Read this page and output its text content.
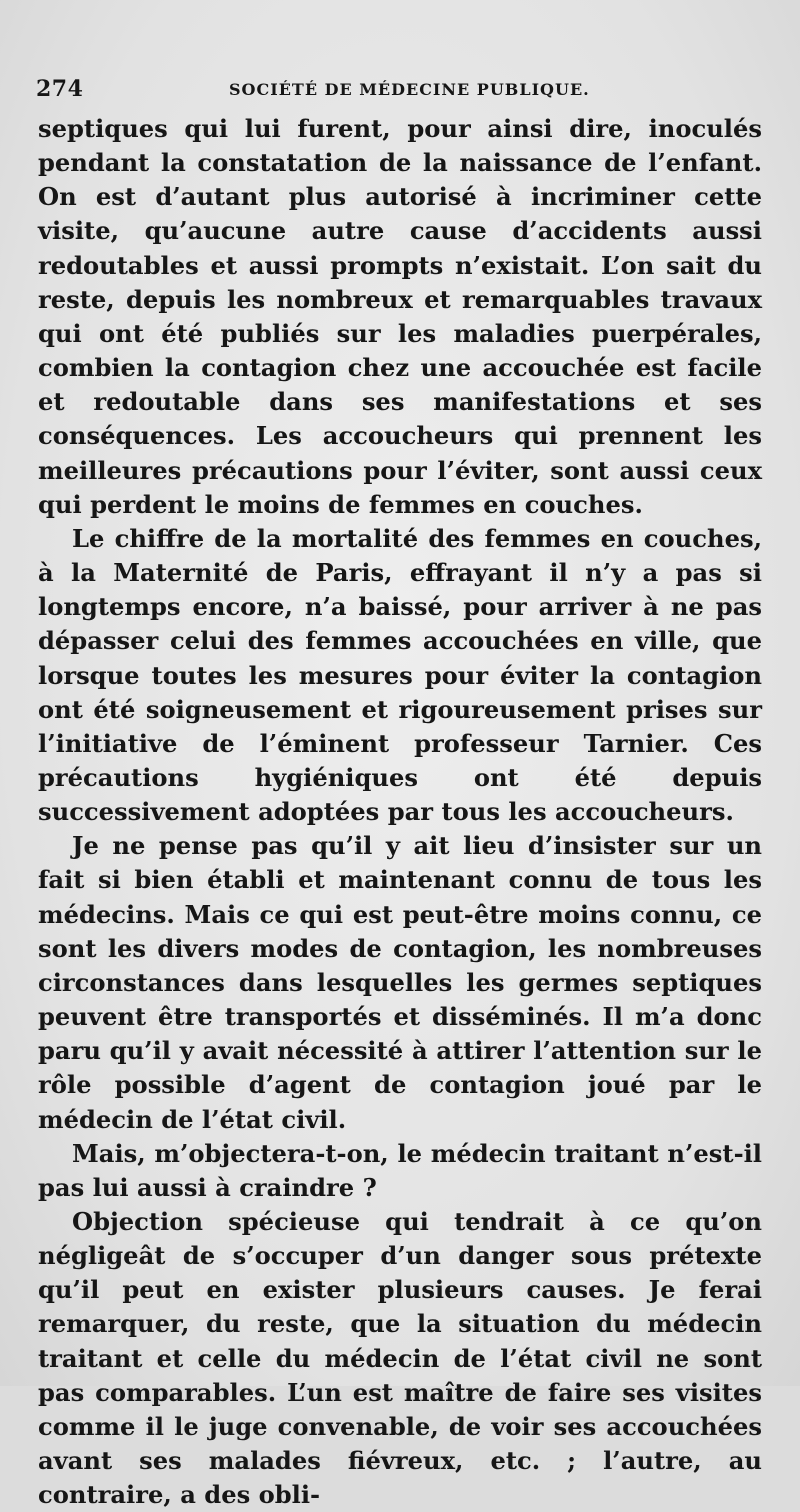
274	SOCIÉTÉ DE MÉDECINE PUBLIQUE.

septiques qui lui furent, pour ainsi dire, inoculés pendant la constatation de la naissance de l’enfant. On est d’autant plus autorisé à incriminer cette visite, qu’aucune autre cause d’accidents aussi redoutables et aussi prompts n’existait. L’on sait du reste, depuis les nombreux et remarquables travaux qui ont été publiés sur les maladies puerpérales, combien la contagion chez une accouchée est facile et redoutable dans ses manifestations et ses conséquences. Les accoucheurs qui prennent les meilleures précautions pour l’éviter, sont aussi ceux qui perdent le moins de femmes en couches.

Le chiffre de la mortalité des femmes en couches, à la Maternité de Paris, effrayant il n’y a pas si longtemps encore, n’a baissé, pour arriver à ne pas dépasser celui des femmes accouchées en ville, que lorsque toutes les mesures pour éviter la contagion ont été soigneusement et rigoureusement prises sur l’initiative de l’éminent professeur Tarnier. Ces précautions hygiéniques ont été depuis successivement adoptées par tous les accoucheurs.

Je ne pense pas qu’il y ait lieu d’insister sur un fait si bien établi et maintenant connu de tous les médecins. Mais ce qui est peut-être moins connu, ce sont les divers modes de contagion, les nombreuses circonstances dans lesquelles les germes septiques peuvent être transportés et disséminés. Il m’a donc paru qu’il y avait nécessité à attirer l’attention sur le rôle possible d’agent de contagion joué par le médecin de l’état civil.

Mais, m’objectera-t-on, le médecin traitant n’est-il pas lui aussi à craindre ?

Objection spécieuse qui tendrait à ce qu’on négligeât de s’occuper d’un danger sous prétexte qu’il peut en exister plusieurs causes. Je ferai remarquer, du reste, que la situation du médecin traitant et celle du médecin de l’état civil ne sont pas comparables. L’un est maître de faire ses visites comme il le juge convenable, de voir ses accouchées avant ses malades fiévreux, etc. ; l’autre, au contraire, a des obli-
